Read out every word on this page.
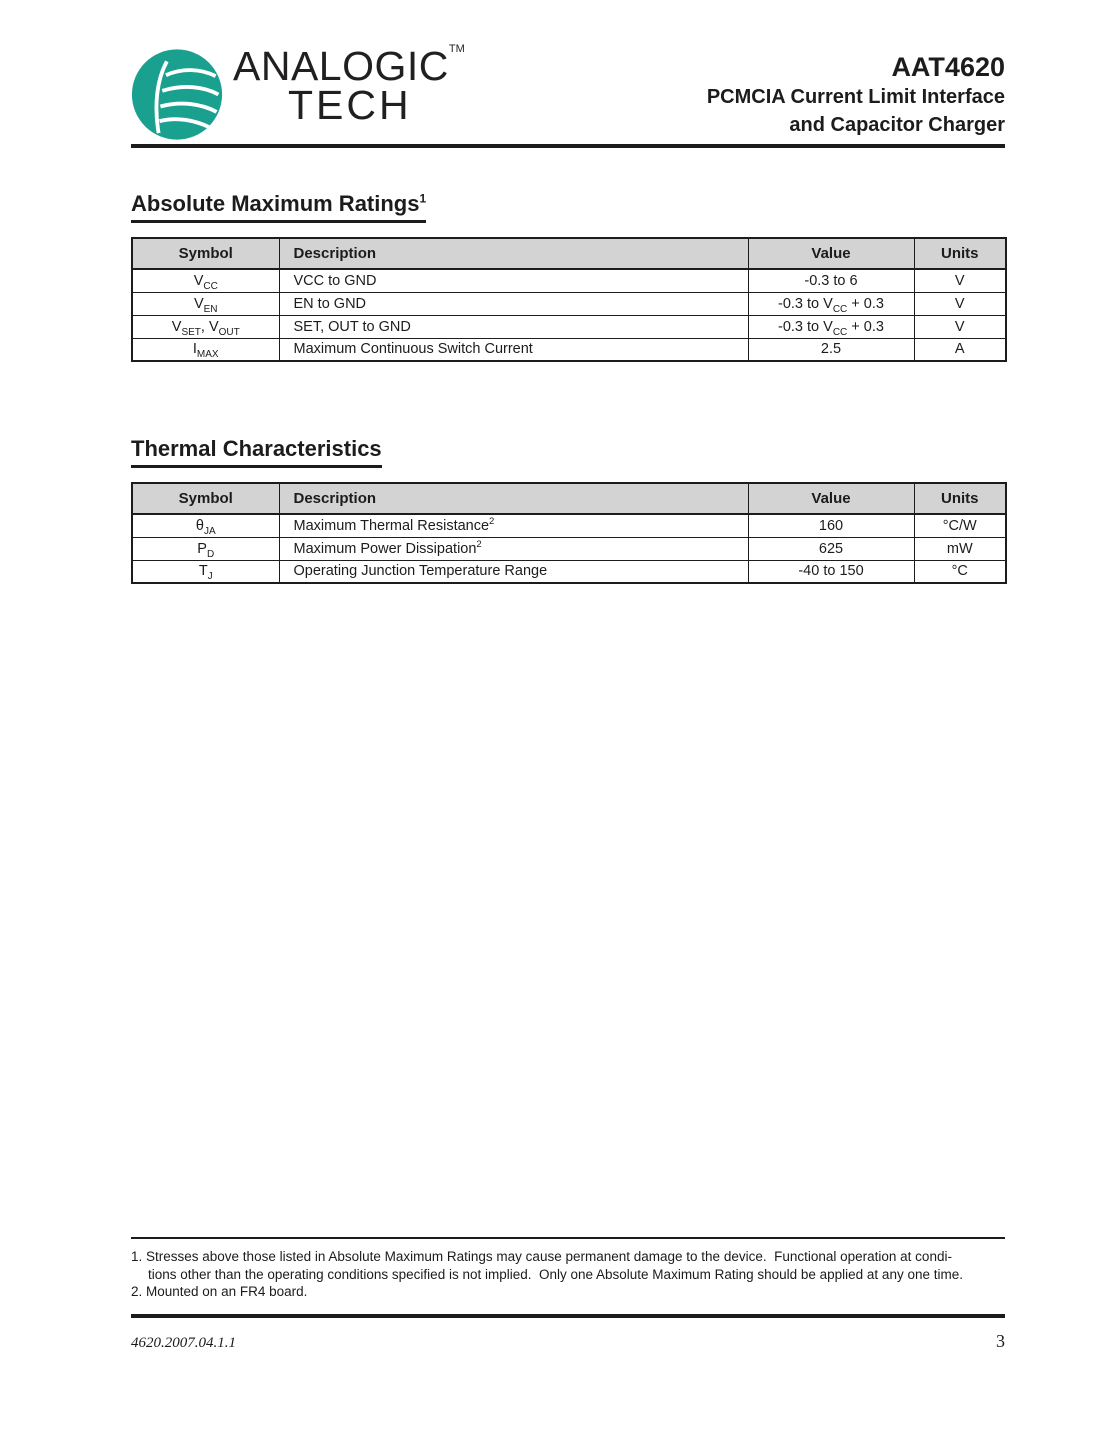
ANALOGIC™
TECH
AAT4620
PCMCIA Current Limit Interface
and Capacitor Charger
Absolute Maximum Ratings$^1$
Symbol	Description	Value	Units
$V_{CC}$	VCC to GND	-0.3 to 6	V
$V_{EN}$	EN to GND	-0.3 to $V_{CC} + 0.3$	V
$V_{SET}$, $V_{OUT}$	SET, OUT to GND	-0.3 to $V_{CC} + 0.3$	V
$I_{MAX}$	Maximum Continuous Switch Current	2.5	A
Thermal Characteristics
Symbol	Description	Value	Units
$\theta_{JA}$	Maximum Thermal Resistance$^2$	160	°C/W
$P_D$	Maximum Power Dissipation$^2$	625	mW
$T_J$	Operating Junction Temperature Range	-40 to 150	°C
1. Stresses above those listed in Absolute Maximum Ratings may cause permanent damage to the device.  Functional operation at condi-
tions other than the operating conditions specified is not implied.  Only one Absolute Maximum Rating should be applied at any one time.
2. Mounted on an FR4 board.
4620.2007.04.1.1	3
